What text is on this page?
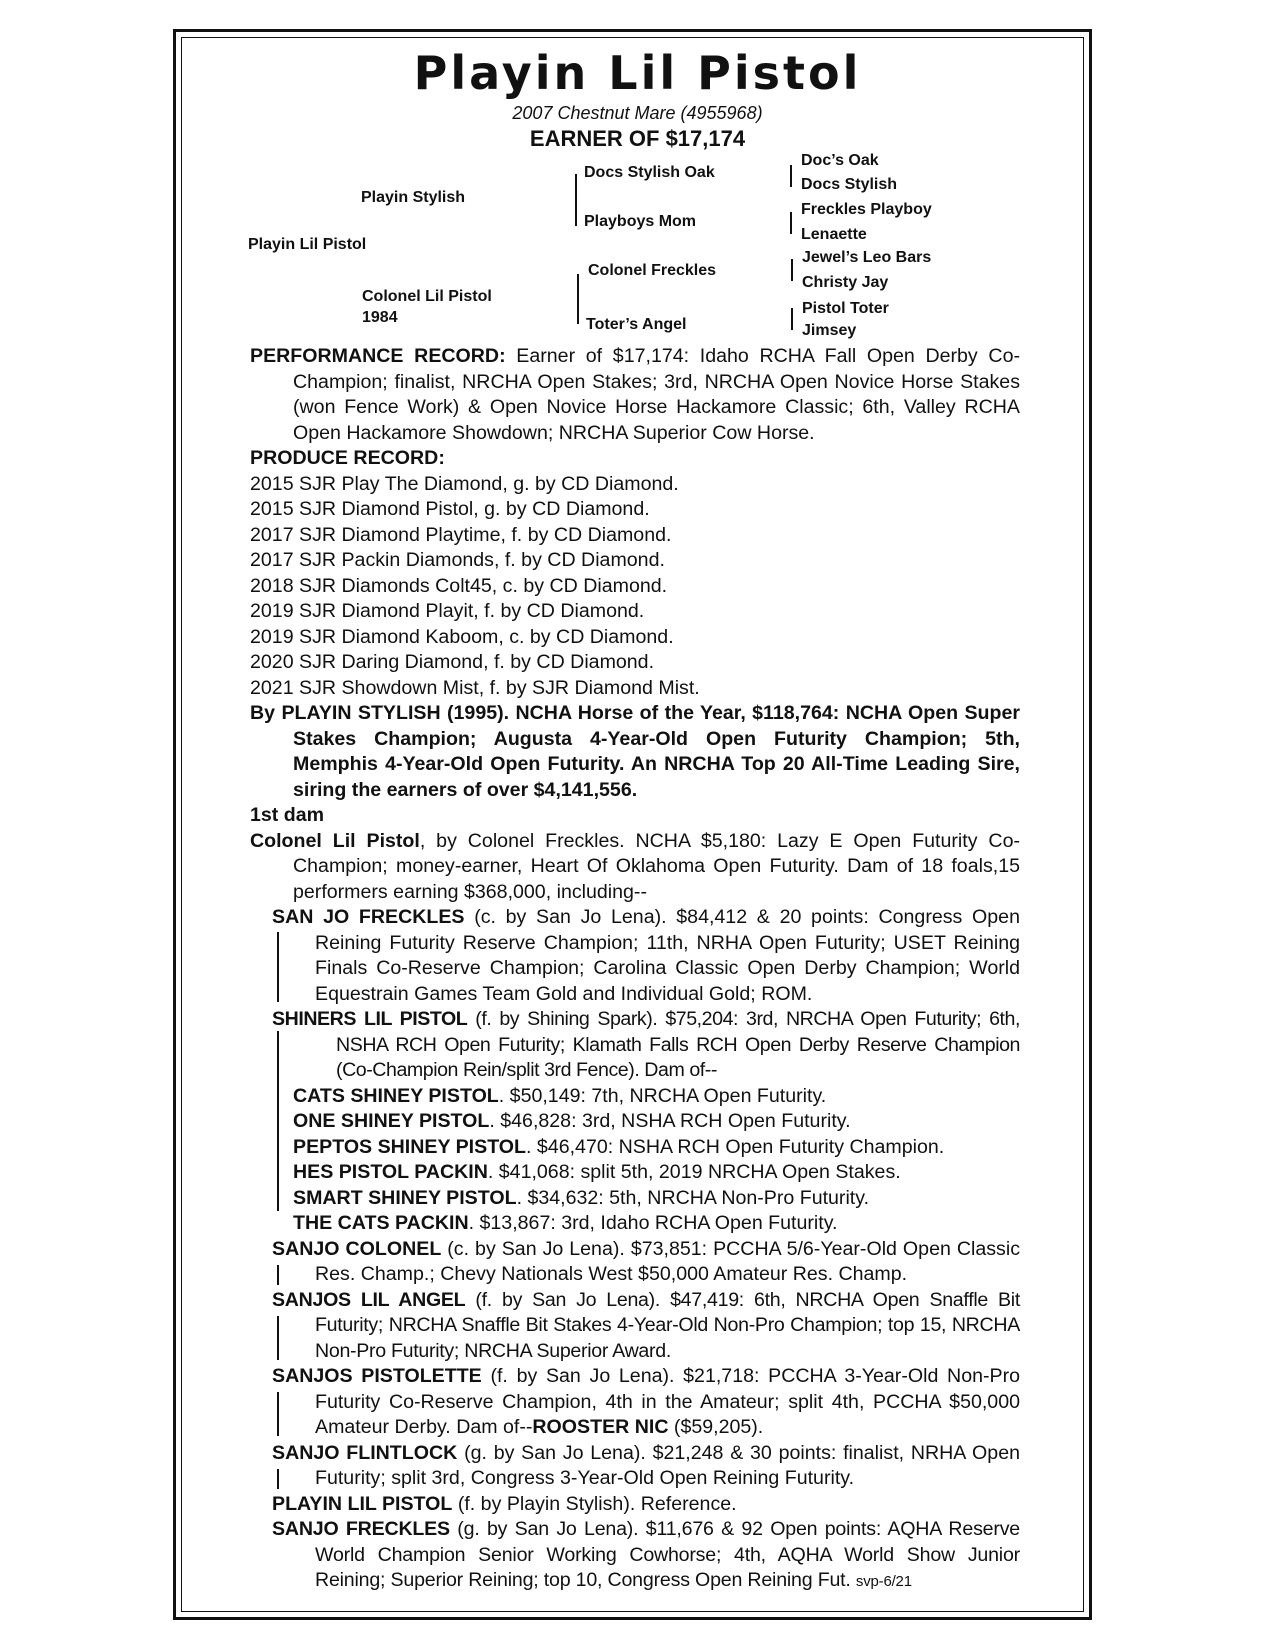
Playin Lil Pistol
2007 Chestnut Mare (4955968)
EARNER OF $17,174
Playin Lil Pistol
Playin Stylish
Colonel Lil Pistol
1984
Docs Stylish Oak
Playboys Mom
Colonel Freckles
Toter’s Angel
Doc’s Oak
Docs Stylish
Freckles Playboy
Lenaette
Jewel’s Leo Bars
Christy Jay
Pistol Toter
Jimsey

PERFORMANCE RECORD: Earner of $17,174: Idaho RCHA Fall Open Derby Co-Champion; finalist, NRCHA Open Stakes; 3rd, NRCHA Open Novice Horse Stakes (won Fence Work) & Open Novice Horse Hackamore Classic; 6th, Valley RCHA Open Hackamore Showdown; NRCHA Superior Cow Horse.

PRODUCE RECORD:

2015 SJR Play The Diamond, g. by CD Diamond.

2015 SJR Diamond Pistol, g. by CD Diamond.

2017 SJR Diamond Playtime, f. by CD Diamond.

2017 SJR Packin Diamonds, f. by CD Diamond.

2018 SJR Diamonds Colt45, c. by CD Diamond.

2019 SJR Diamond Playit, f. by CD Diamond.

2019 SJR Diamond Kaboom, c. by CD Diamond.

2020 SJR Daring Diamond, f. by CD Diamond.

2021 SJR Showdown Mist, f. by SJR Diamond Mist.

By PLAYIN STYLISH (1995). NCHA Horse of the Year, $118,764: NCHA Open Super Stakes Champion; Augusta 4-Year-Old Open Futurity Champion; 5th, Memphis 4-Year-Old Open Futurity. An NRCHA Top 20 All-Time Leading Sire, siring the earners of over $4,141,556.

1st dam

Colonel Lil Pistol, by Colonel Freckles. NCHA $5,180: Lazy E Open Futurity Co-Champion; money-earner, Heart Of Oklahoma Open Futurity. Dam of 18 foals,15 performers earning $368,000, including--

SAN JO FRECKLES (c. by San Jo Lena). $84,412 & 20 points: Congress Open Reining Futurity Reserve Champion; 11th, NRHA Open Futurity; USET Reining Finals Co-Reserve Champion; Carolina Classic Open Derby Champion; World Equestrain Games Team Gold and Individual Gold; ROM.

SHINERS LIL PISTOL (f. by Shining Spark). $75,204: 3rd, NRCHA Open Futurity; 6th, NSHA RCH Open Futurity; Klamath Falls RCH Open Derby Reserve Champion (Co-Champion Rein/split 3rd Fence). Dam of--

CATS SHINEY PISTOL. $50,149: 7th, NRCHA Open Futurity.

ONE SHINEY PISTOL. $46,828: 3rd, NSHA RCH Open Futurity.

PEPTOS SHINEY PISTOL. $46,470: NSHA RCH Open Futurity Champion.

HES PISTOL PACKIN. $41,068: split 5th, 2019 NRCHA Open Stakes.

SMART SHINEY PISTOL. $34,632: 5th, NRCHA Non-Pro Futurity.

THE CATS PACKIN. $13,867: 3rd, Idaho RCHA Open Futurity.

SANJO COLONEL (c. by San Jo Lena). $73,851: PCCHA 5/6-Year-Old Open Classic Res. Champ.; Chevy Nationals West $50,000 Amateur Res. Champ.

SANJOS LIL ANGEL (f. by San Jo Lena). $47,419: 6th, NRCHA Open Snaffle Bit Futurity; NRCHA Snaffle Bit Stakes 4-Year-Old Non-Pro Champion; top 15, NRCHA Non-Pro Futurity; NRCHA Superior Award.

SANJOS PISTOLETTE (f. by San Jo Lena). $21,718: PCCHA 3-Year-Old Non-Pro Futurity Co-Reserve Champion, 4th in the Amateur; split 4th, PCCHA $50,000 Amateur Derby. Dam of--ROOSTER NIC ($59,205).

SANJO FLINTLOCK (g. by San Jo Lena). $21,248 & 30 points: finalist, NRHA Open Futurity; split 3rd, Congress 3-Year-Old Open Reining Futurity.

PLAYIN LIL PISTOL (f. by Playin Stylish). Reference.

SANJO FRECKLES (g. by San Jo Lena). $11,676 & 92 Open points: AQHA Reserve World Champion Senior Working Cowhorse; 4th, AQHA World Show Junior Reining; Superior Reining; top 10, Congress Open Reining Fut. svp-6/21
